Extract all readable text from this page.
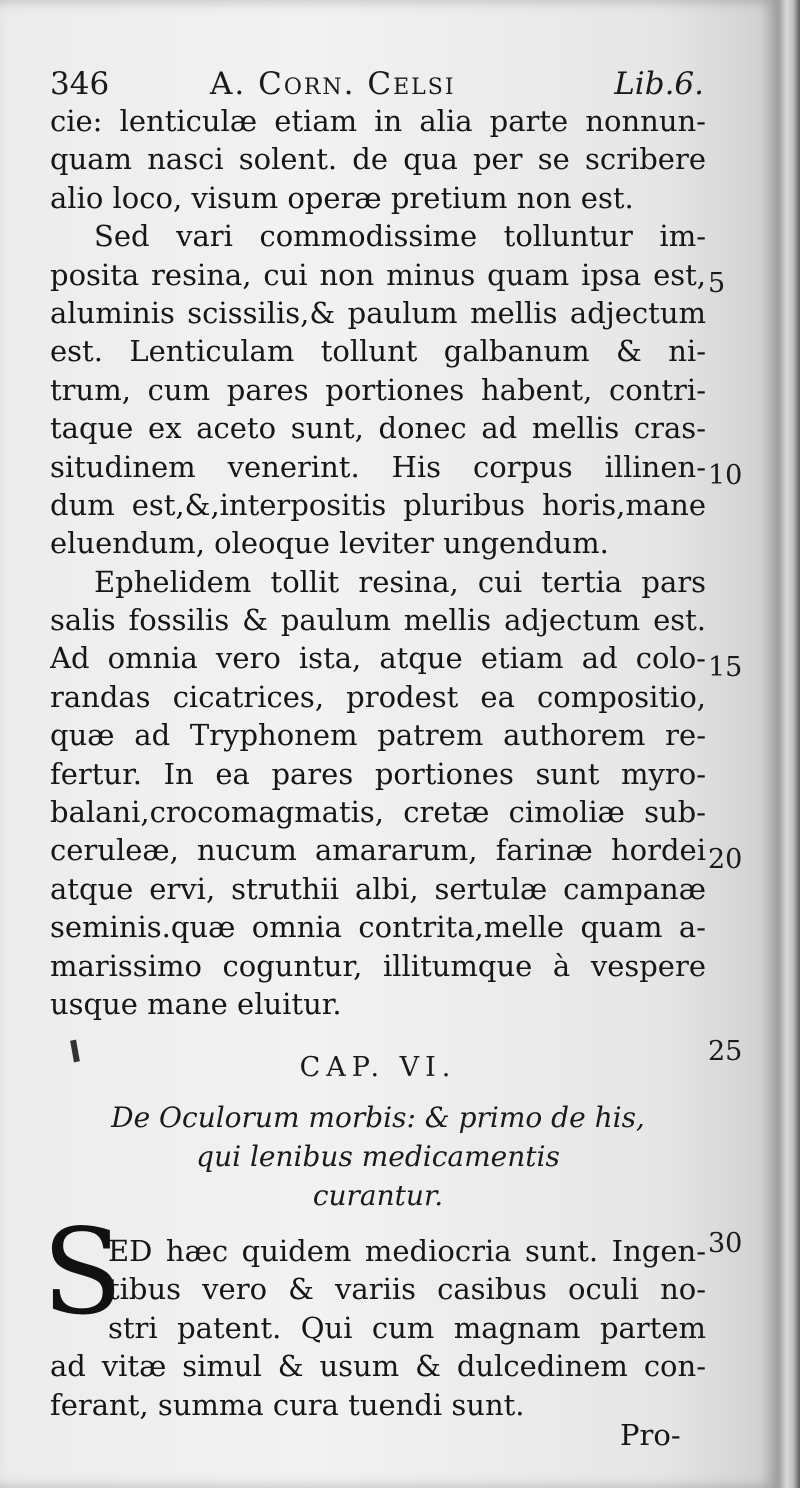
346	A. Corn. Celsi	Lib.6.
cie: lenticulæ etiam in alia parte nonnun-
quam nasci solent. de qua per se scribere
alio loco, visum operæ pretium non est.
Sed vari commodissime tolluntur im-
posita resina, cui non minus quam ipsa est,
aluminis scissilis,& paulum mellis adjectum
est. Lenticulam tollunt galbanum & ni-
trum, cum pares portiones habent, contri-
taque ex aceto sunt, donec ad mellis cras-
situdinem venerint. His corpus illinen-
dum est,&,interpositis pluribus horis,mane
eluendum, oleoque leviter ungendum.
Ephelidem tollit resina, cui tertia pars
salis fossilis & paulum mellis adjectum est.
Ad omnia vero ista, atque etiam ad colo-
randas cicatrices, prodest ea compositio,
quæ ad Tryphonem patrem authorem re-
fertur. In ea pares portiones sunt myro-
balani,crocomagmatis, cretæ cimoliæ sub-
ceruleæ, nucum amararum, farinæ hordei
atque ervi, struthii albi, sertulæ campanæ
seminis.quæ omnia contrita,melle quam a-
marissimo coguntur, illitumque à vespere
usque mane eluitur.
5
10
15
20
25
30
CAP. VI.
De Oculorum morbis: & primo de his,
qui lenibus medicamentis
curantur.
S
ED hæc quidem mediocria sunt. Ingen-
tibus vero & variis casibus oculi no-
stri patent. Qui cum magnam partem
ad vitæ simul & usum & dulcedinem con-
ferant, summa cura tuendi sunt.
Pro-
